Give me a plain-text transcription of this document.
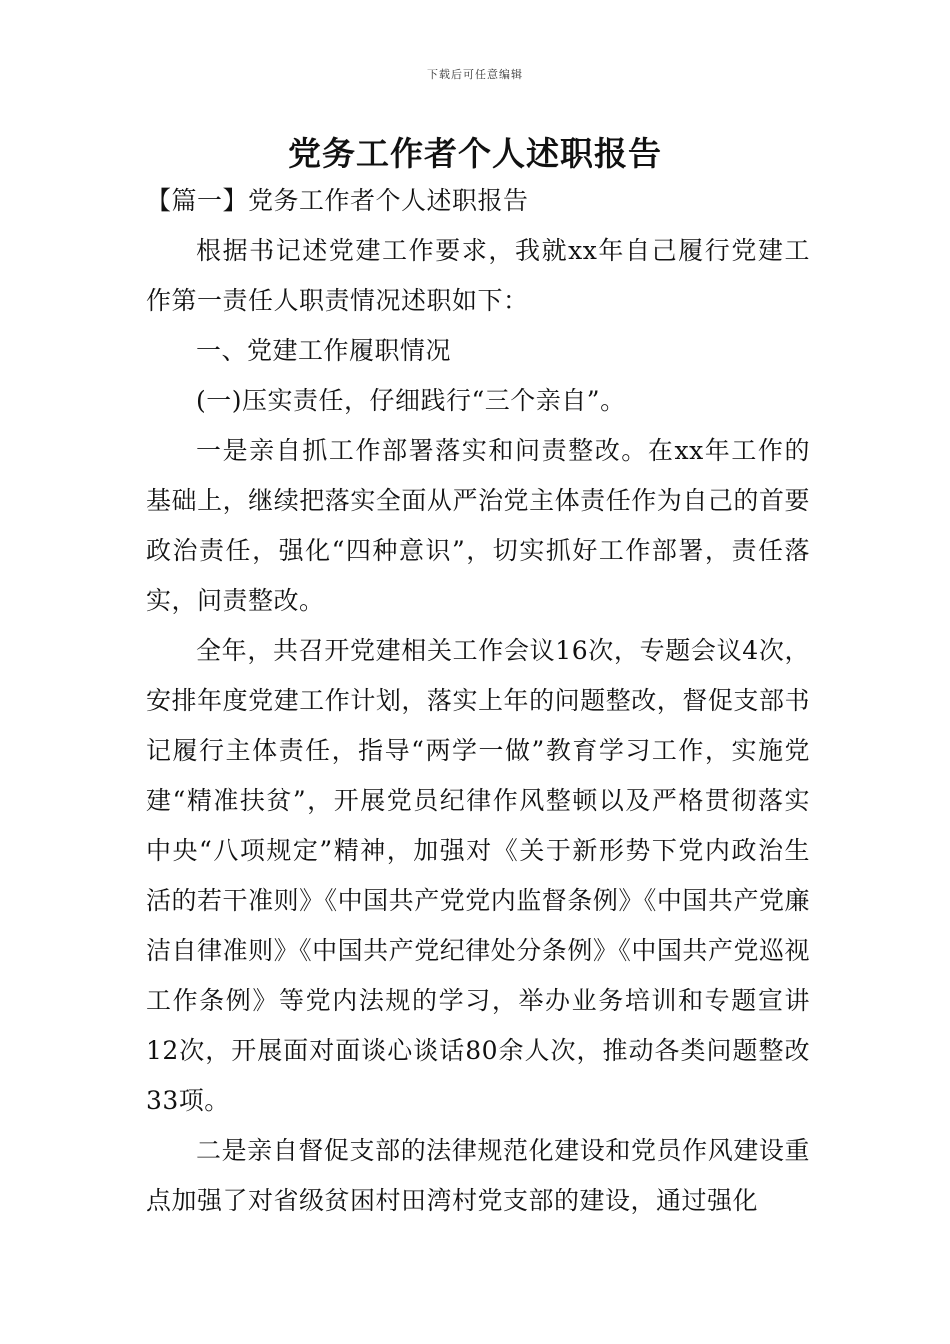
下载后可任意编辑
党务工作者个人述职报告

【篇一】党务工作者个人述职报告

根据书记述党建工作要求，我就xx年自己履行党建工作第一责任人职责情况述职如下：

一、党建工作履职情况

(一)压实责任，仔细践行“三个亲自”。

一是亲自抓工作部署落实和问责整改。在xx年工作的基础上，继续把落实全面从严治党主体责任作为自己的首要政治责任，强化“四种意识”，切实抓好工作部署，责任落实，问责整改。

全年，共召开党建相关工作会议16次，专题会议4次，安排年度党建工作计划，落实上年的问题整改，督促支部书记履行主体责任，指导“两学一做”教育学习工作，实施党建“精准扶贫”，开展党员纪律作风整顿以及严格贯彻落实中央“八项规定”精神，加强对《关于新形势下党内政治生活的若干准则》《中国共产党党内监督条例》《中国共产党廉洁自律准则》《中国共产党纪律处分条例》《中国共产党巡视工作条例》等党内法规的学习，举办业务培训和专题宣讲12次，开展面对面谈心谈话80余人次，推动各类问题整改33项。

二是亲自督促支部的法律规范化建设和党员作风建设重点加强了对省级贫困村田湾村党支部的建设，通过强化
